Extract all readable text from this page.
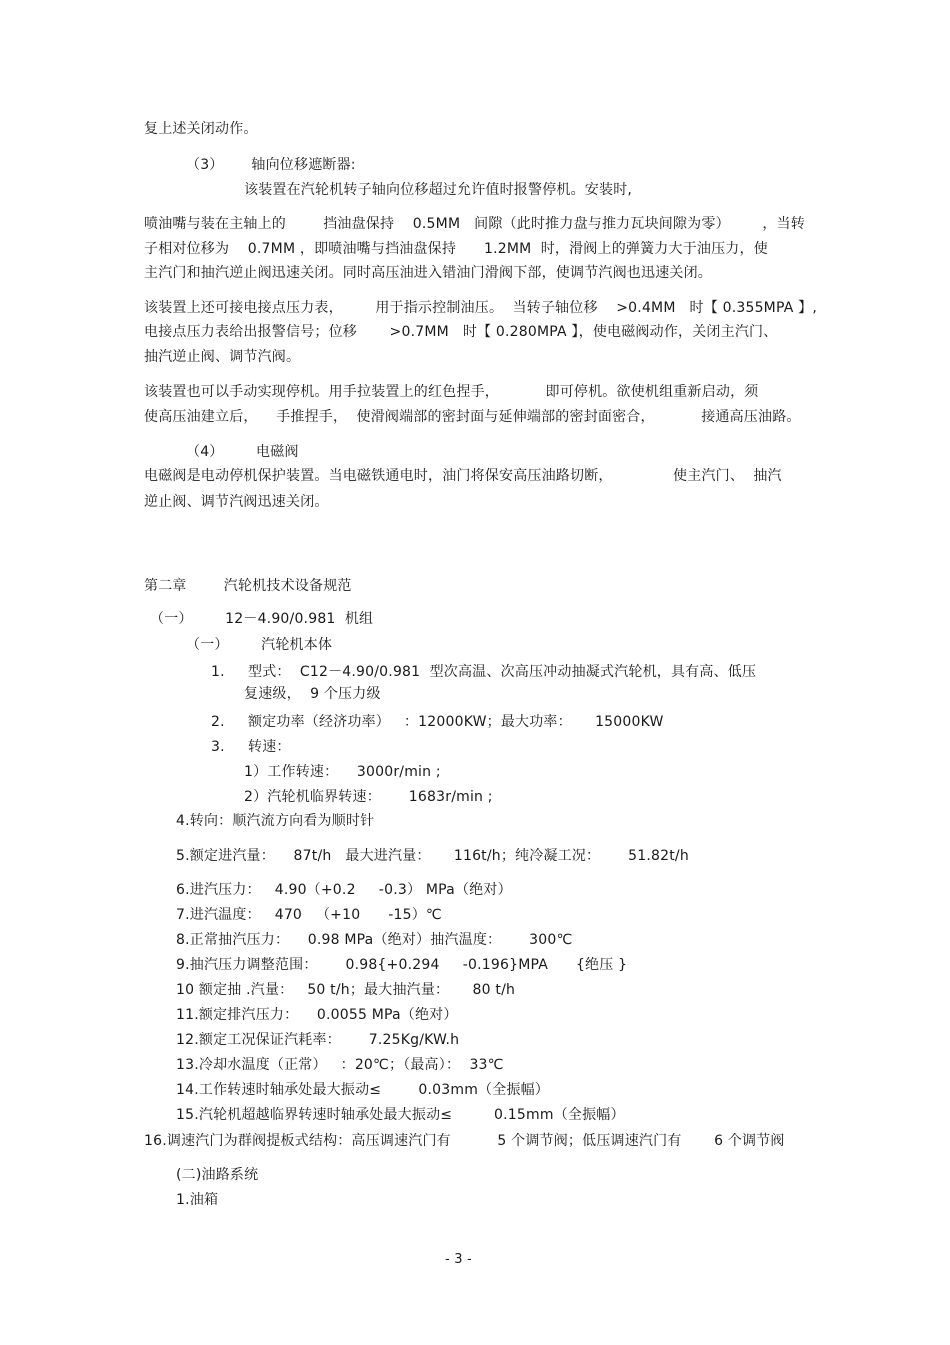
复上述关闭动作。
（3）      轴向位移遮断器:
该装置在汽轮机转子轴向位移超过允许值时报警停机。安装时,
喷油嘴与装在主轴上的        挡油盘保持    0.5MM   间隙（此时推力盘与推力瓦块间隙为零）       ，当转
子相对位移为    0.7MM ，即喷油嘴与挡油盘保持      1.2MM  时，滑阀上的弹簧力大于油压力，使
主汽门和抽汽逆止阀迅速关闭。同时高压油进入错油门滑阀下部，使调节汽阀也迅速关闭。
该装置上还可接电接点压力表，       用于指示控制油压。  当转子轴位移    >0.4MM   时【 0.355MPA 】,
电接点压力表给出报警信号；位移       >0.7MM   时【 0.280MPA 】，使电磁阀动作，关闭主汽门、
抽汽逆止阀、调节汽阀。
该装置也可以手动实现停机。用手拉装置上的红色捏手，          即可停机。欲使机组重新启动，须
使高压油建立后，    手推捏手，  使滑阀端部的密封面与延伸端部的密封面密合，          接通高压油路。
（4）       电磁阀
电磁阀是电动停机保护装置。当电磁铁通电时，油门将保安高压油路切断，             使主汽门、  抽汽
逆止阀、调节汽阀迅速关闭。
第二章        汽轮机技术设备规范
（一）       12－4.90/0.981  机组
（一）       汽轮机本体
1.     型式：  C12－4.90/0.981  型次高温、次高压冲动抽凝式汽轮机，具有高、低压
复速级，  9 个压力级
2.     额定功率（经济功率）   ：12000KW；最大功率：     15000KW
3.     转速：
1）工作转速：    3000r/min ;
2）汽轮机临界转速：      1683r/min ;
4.转向：顺汽流方向看为顺时针
5.额定进汽量：    87t/h   最大进汽量：     116t/h；纯冷凝工况：      51.82t/h
6.进汽压力：   4.90（+0.2     -0.3） MPa（绝对）
7.进汽温度：   470   （+10      -15）℃
8.正常抽汽压力：    0.98 MPa（绝对）抽汽温度：      300℃
9.抽汽压力调整范围：      0.98{+0.294     -0.196}MPA      {绝压 }
10 额定抽 .汽量：   50 t/h；最大抽汽量：     80 t/h
11.额定排汽压力：    0.0055 MPa（绝对）
12.额定工况保证汽耗率：      7.25Kg/KW.h
13.冷却水温度（正常）   ：20℃；（最高）：  33℃
14.工作转速时轴承处最大振动≤        0.03mm（全振幅）
15.汽轮机超越临界转速时轴承处最大振动≤         0.15mm（全振幅）
16.调速汽门为群阀提板式结构：高压调速汽门有          5 个调节阀；低压调速汽门有       6 个调节阀
(二)油路系统
1.油箱
- 3 -
